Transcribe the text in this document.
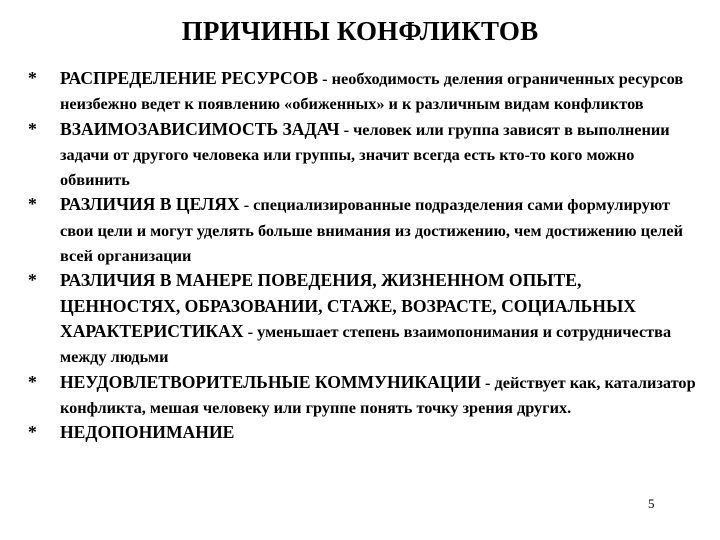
ПРИЧИНЫ КОНФЛИКТОВ
*	РАСПРЕДЕЛЕНИЕ РЕСУРСОВ - необходимость деления ограниченных ресурсов неизбежно ведет к появлению «обиженных» и к различным видам конфликтов
*	ВЗАИМОЗАВИСИМОСТЬ ЗАДАЧ - человек или группа зависят в выполнении задачи от другого человека или группы, значит всегда есть кто-то кого можно обвинить
*	РАЗЛИЧИЯ В ЦЕЛЯХ - специализированные подразделения сами формулируют свои цели и могут уделять больше внимания из достижению, чем достижению целей всей организации
*	РАЗЛИЧИЯ В МАНЕРЕ ПОВЕДЕНИЯ, ЖИЗНЕННОМ ОПЫТЕ, ЦЕННОСТЯХ, ОБРАЗОВАНИИ, СТАЖЕ, ВОЗРАСТЕ, СОЦИАЛЬНЫХ ХАРАКТЕРИСТИКАХ - уменьшает степень взаимопонимания и сотрудничества между людьми
*	НЕУДОВЛЕТВОРИТЕЛЬНЫЕ КОММУНИКАЦИИ - действует как, катализатор конфликта, мешая человеку или группе понять точку зрения других.
*	НЕДОПОНИМАНИЕ
5
